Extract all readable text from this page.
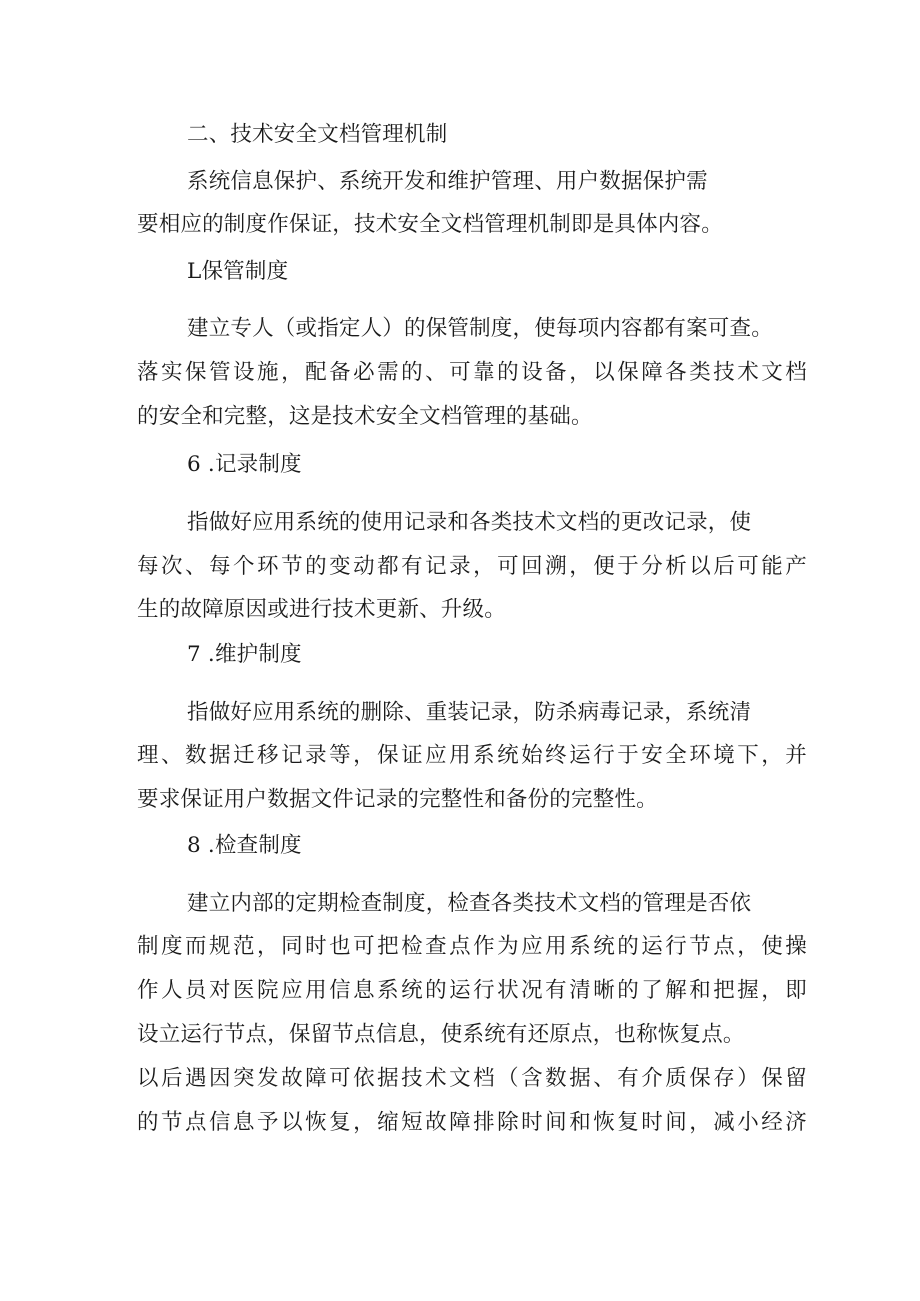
二、技术安全文档管理机制
系统信息保护、系统开发和维护管理、用户数据保护需
要相应的制度作保证，技术安全文档管理机制即是具体内容。
L保管制度
建立专人（或指定人）的保管制度，使每项内容都有案可查。
落实保管设施，配备必需的、可靠的设备，以保障各类技术文档
的安全和完整，这是技术安全文档管理的基础。
6 .记录制度
指做好应用系统的使用记录和各类技术文档的更改记录，使
每次、每个环节的变动都有记录，可回溯，便于分析以后可能产
生的故障原因或进行技术更新、升级。
7 .维护制度
指做好应用系统的删除、重装记录，防杀病毒记录，系统清
理、数据迁移记录等，保证应用系统始终运行于安全环境下，并
要求保证用户数据文件记录的完整性和备份的完整性。
8 .检查制度
建立内部的定期检查制度，检查各类技术文档的管理是否依
制度而规范，同时也可把检查点作为应用系统的运行节点，使操
作人员对医院应用信息系统的运行状况有清晰的了解和把握，即
设立运行节点，保留节点信息，使系统有还原点，也称恢复点。
以后遇因突发故障可依据技术文档（含数据、有介质保存）保留
的节点信息予以恢复，缩短故障排除时间和恢复时间，减小经济
